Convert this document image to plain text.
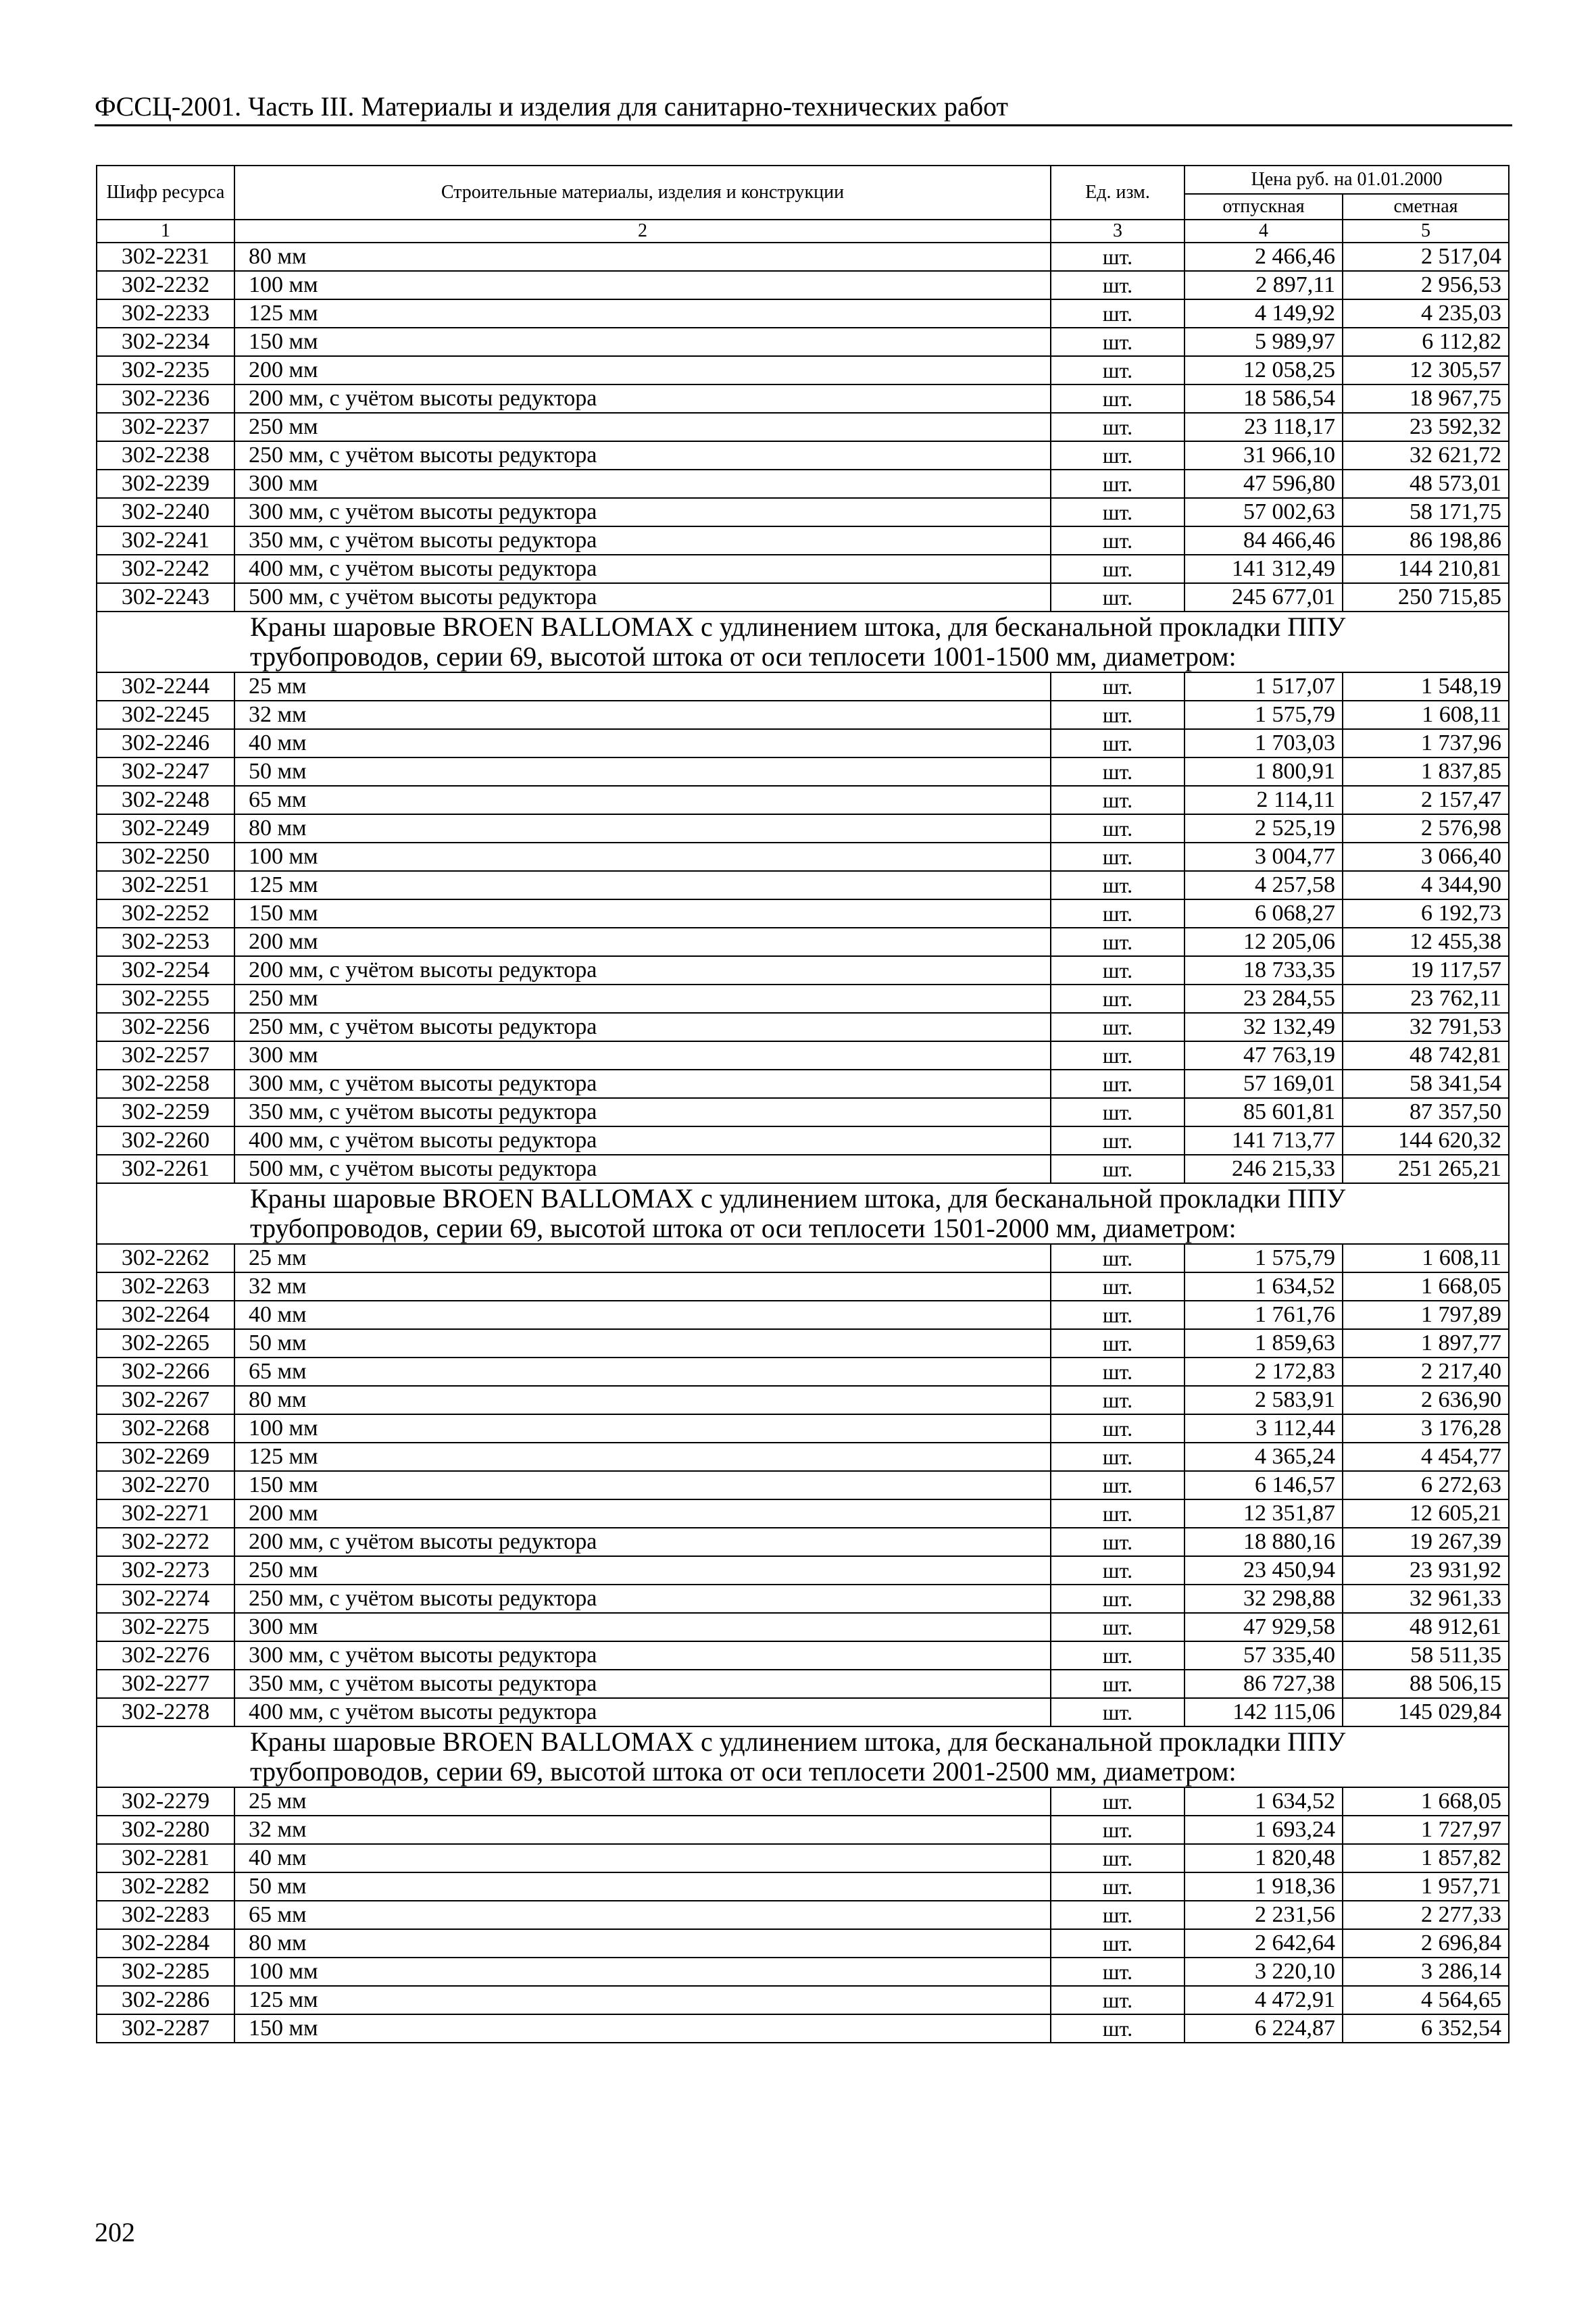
ФССЦ-2001. Часть III. Материалы и изделия для санитарно-технических работ
Шифр ресурса	Строительные материалы, изделия и конструкции	Ед. изм.	Цена руб. на 01.01.2000	
			отпускная	сметная
1	2	3	4	5
302-2231	80 мм	шт.	2 466,46	2 517,04
302-2232	100 мм	шт.	2 897,11	2 956,53
302-2233	125 мм	шт.	4 149,92	4 235,03
302-2234	150 мм	шт.	5 989,97	6 112,82
302-2235	200 мм	шт.	12 058,25	12 305,57
302-2236	200 мм, с учётом высоты редуктора	шт.	18 586,54	18 967,75
302-2237	250 мм	шт.	23 118,17	23 592,32
302-2238	250 мм, с учётом высоты редуктора	шт.	31 966,10	32 621,72
302-2239	300 мм	шт.	47 596,80	48 573,01
302-2240	300 мм, с учётом высоты редуктора	шт.	57 002,63	58 171,75
302-2241	350 мм, с учётом высоты редуктора	шт.	84 466,46	86 198,86
302-2242	400 мм, с учётом высоты редуктора	шт.	141 312,49	144 210,81
302-2243	500 мм, с учётом высоты редуктора	шт.	245 677,01	250 715,85
Краны шаровые BROEN BALLOMAX с удлинением штока, для бесканальной прокладки ППУ
трубопроводов, серии 69, высотой штока от оси теплосети 1001-1500 мм, диаметром:				
302-2244	25 мм	шт.	1 517,07	1 548,19
302-2245	32 мм	шт.	1 575,79	1 608,11
302-2246	40 мм	шт.	1 703,03	1 737,96
302-2247	50 мм	шт.	1 800,91	1 837,85
302-2248	65 мм	шт.	2 114,11	2 157,47
302-2249	80 мм	шт.	2 525,19	2 576,98
302-2250	100 мм	шт.	3 004,77	3 066,40
302-2251	125 мм	шт.	4 257,58	4 344,90
302-2252	150 мм	шт.	6 068,27	6 192,73
302-2253	200 мм	шт.	12 205,06	12 455,38
302-2254	200 мм, с учётом высоты редуктора	шт.	18 733,35	19 117,57
302-2255	250 мм	шт.	23 284,55	23 762,11
302-2256	250 мм, с учётом высоты редуктора	шт.	32 132,49	32 791,53
302-2257	300 мм	шт.	47 763,19	48 742,81
302-2258	300 мм, с учётом высоты редуктора	шт.	57 169,01	58 341,54
302-2259	350 мм, с учётом высоты редуктора	шт.	85 601,81	87 357,50
302-2260	400 мм, с учётом высоты редуктора	шт.	141 713,77	144 620,32
302-2261	500 мм, с учётом высоты редуктора	шт.	246 215,33	251 265,21
Краны шаровые BROEN BALLOMAX с удлинением штока, для бесканальной прокладки ППУ
трубопроводов, серии 69, высотой штока от оси теплосети 1501-2000 мм, диаметром:				
302-2262	25 мм	шт.	1 575,79	1 608,11
302-2263	32 мм	шт.	1 634,52	1 668,05
302-2264	40 мм	шт.	1 761,76	1 797,89
302-2265	50 мм	шт.	1 859,63	1 897,77
302-2266	65 мм	шт.	2 172,83	2 217,40
302-2267	80 мм	шт.	2 583,91	2 636,90
302-2268	100 мм	шт.	3 112,44	3 176,28
302-2269	125 мм	шт.	4 365,24	4 454,77
302-2270	150 мм	шт.	6 146,57	6 272,63
302-2271	200 мм	шт.	12 351,87	12 605,21
302-2272	200 мм, с учётом высоты редуктора	шт.	18 880,16	19 267,39
302-2273	250 мм	шт.	23 450,94	23 931,92
302-2274	250 мм, с учётом высоты редуктора	шт.	32 298,88	32 961,33
302-2275	300 мм	шт.	47 929,58	48 912,61
302-2276	300 мм, с учётом высоты редуктора	шт.	57 335,40	58 511,35
302-2277	350 мм, с учётом высоты редуктора	шт.	86 727,38	88 506,15
302-2278	400 мм, с учётом высоты редуктора	шт.	142 115,06	145 029,84
Краны шаровые BROEN BALLOMAX с удлинением штока, для бесканальной прокладки ППУ
трубопроводов, серии 69, высотой штока от оси теплосети 2001-2500 мм, диаметром:				
302-2279	25 мм	шт.	1 634,52	1 668,05
302-2280	32 мм	шт.	1 693,24	1 727,97
302-2281	40 мм	шт.	1 820,48	1 857,82
302-2282	50 мм	шт.	1 918,36	1 957,71
302-2283	65 мм	шт.	2 231,56	2 277,33
302-2284	80 мм	шт.	2 642,64	2 696,84
302-2285	100 мм	шт.	3 220,10	3 286,14
302-2286	125 мм	шт.	4 472,91	4 564,65
302-2287	150 мм	шт.	6 224,87	6 352,54
202
